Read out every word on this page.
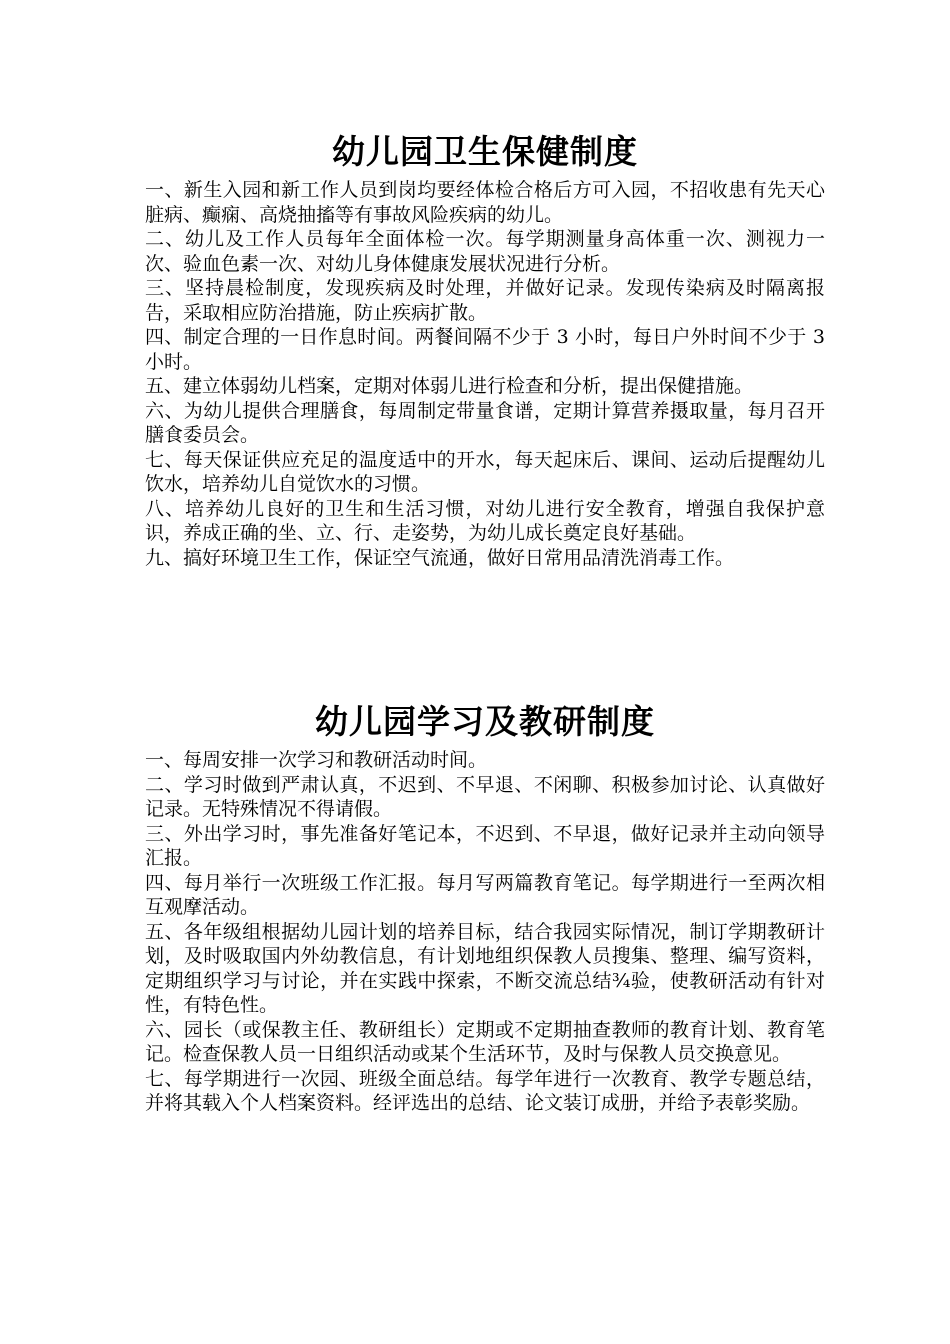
幼儿园卫生保健制度

一、新生入园和新工作人员到岗均要经体检合格后方可入园，不招收患有先天心脏病、癫痫、高烧抽搐等有事故风险疾病的幼儿。

二、幼儿及工作人员每年全面体检一次。每学期测量身高体重一次、测视力一次、验血色素一次、对幼儿身体健康发展状况进行分析。

三、坚持晨检制度，发现疾病及时处理，并做好记录。发现传染病及时隔离报告，采取相应防治措施，防止疾病扩散。

四、制定合理的一日作息时间。两餐间隔不少于 3 小时，每日户外时间不少于 3 小时。

五、建立体弱幼儿档案，定期对体弱儿进行检查和分析，提出保健措施。

六、为幼儿提供合理膳食，每周制定带量食谱，定期计算营养摄取量，每月召开膳食委员会。

七、每天保证供应充足的温度适中的开水，每天起床后、课间、运动后提醒幼儿饮水，培养幼儿自觉饮水的习惯。

八、培养幼儿良好的卫生和生活习惯，对幼儿进行安全教育，增强自我保护意识，养成正确的坐、立、行、走姿势，为幼儿成长奠定良好基础。

九、搞好环境卫生工作，保证空气流通，做好日常用品清洗消毒工作。

幼儿园学习及教研制度

一、每周安排一次学习和教研活动时间。

二、学习时做到严肃认真，不迟到、不早退、不闲聊、积极参加讨论、认真做好记录。无特殊情况不得请假。

三、外出学习时，事先准备好笔记本，不迟到、不早退，做好记录并主动向领导汇报。

四、每月举行一次班级工作汇报。每月写两篇教育笔记。每学期进行一至两次相互观摩活动。

五、各年级组根据幼儿园计划的培养目标，结合我园实际情况，制订学期教研计划，及时吸取国内外幼教信息，有计划地组织保教人员搜集、整理、编写资料，定期组织学习与讨论，并在实践中探索，不断交流总结¾验，使教研活动有针对性，有特色性。

六、园长（或保教主任、教研组长）定期或不定期抽查教师的教育计划、教育笔记。检查保教人员一日组织活动或某个生活环节，及时与保教人员交换意见。

七、每学期进行一次园、班级全面总结。每学年进行一次教育、教学专题总结，并将其载入个人档案资料。经评选出的总结、论文装订成册，并给予表彰奖励。
